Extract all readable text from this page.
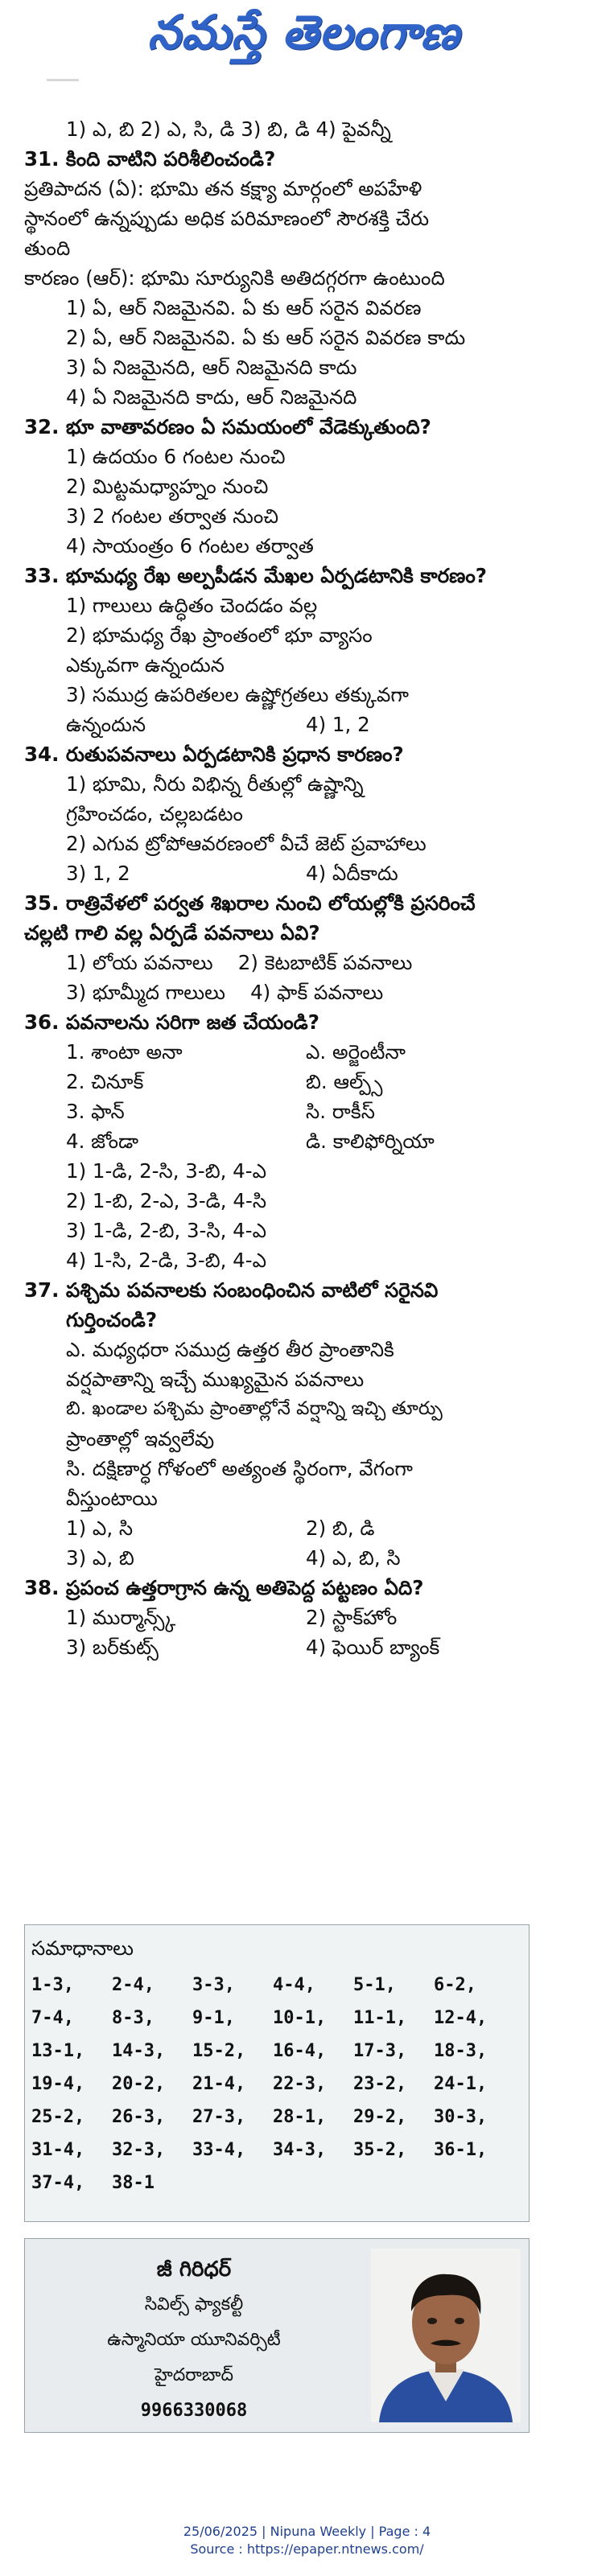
నమస్తే తెలంగాణ
1) ఎ, బి 2) ఎ, సి, డి 3) బి, డి 4) పైవన్నీ
31. కింది వాటిని పరిశీలించండి?
ప్రతిపాదన (ఏ): భూమి తన కక్ష్యా మార్గంలో అపహేళి
స్థానంలో ఉన్నప్పుడు అధిక పరిమాణంలో సౌరశక్తి చేరు
తుంది
కారణం (ఆర్): భూమి సూర్యునికి అతిదగ్గరగా ఉంటుంది
1) ఏ, ఆర్ నిజమైనవి. ఏ కు ఆర్ సరైన వివరణ
2) ఏ, ఆర్ నిజమైనవి. ఏ కు ఆర్ సరైన వివరణ కాదు
3) ఏ నిజమైనది, ఆర్ నిజమైనది కాదు
4) ఏ నిజమైనది కాదు, ఆర్ నిజమైనది
32. భూ వాతావరణం ఏ సమయంలో వేడెక్కుతుంది?
1) ఉదయం 6 గంటల నుంచి
2) మిట్టమధ్యాహ్నం నుంచి
3) 2 గంటల తర్వాత నుంచి
4) సాయంత్రం 6 గంటల తర్వాత
33. భూమధ్య రేఖ అల్పపీడన మేఖల ఏర్పడటానికి కారణం?
1) గాలులు ఉద్ధితం చెందడం వల్ల
2) భూమధ్య రేఖ ప్రాంతంలో భూ వ్యాసం
ఎక్కువగా ఉన్నందున
3) సముద్ర ఉపరితలల ఉష్ణోగ్రతలు తక్కువగా
ఉన్నందున	4) 1, 2
34. రుతుపవనాలు ఏర్పడటానికి ప్రధాన కారణం?
1) భూమి, నీరు విభిన్న రీతుల్లో ఉష్ణాన్ని
గ్రహించడం, చల్లబడటం
2) ఎగువ ట్రోపోఆవరణంలో వీచే జెట్ ప్రవాహాలు
3) 1, 2	4) ఏదీకాదు
35. రాత్రివేళలో పర్వత శిఖరాల నుంచి లోయల్లోకి ప్రసరించే
చల్లటి గాలి వల్ల ఏర్పడే పవనాలు ఏవి?
1) లోయ పవనాలు 2) కెటబాటిక్ పవనాలు
3) భూమ్మీద గాలులు 4) ఫాక్ పవనాలు
36. పవనాలను సరిగా జత చేయండి?
1. శాంటా అనా	ఎ. అర్జెంటీనా
2. చినూక్	బి. ఆల్ప్స్
3. ఫాన్	సి. రాకీస్
4. జోండా	డి. కాలిఫోర్నియా
1) 1-డి, 2-సి, 3-బి, 4-ఎ
2) 1-బి, 2-ఎ, 3-డి, 4-సి
3) 1-డి, 2-బి, 3-సి, 4-ఎ
4) 1-సి, 2-డి, 3-బి, 4-ఎ
37. పశ్చిమ పవనాలకు సంబంధించిన వాటిలో సరైనవి
గుర్తించండి?
ఎ. మధ్యధరా సముద్ర ఉత్తర తీర ప్రాంతానికి
వర్షపాతాన్ని ఇచ్చే ముఖ్యమైన పవనాలు
బి. ఖండాల పశ్చిమ ప్రాంతాల్లోనే వర్షాన్ని ఇచ్చి తూర్పు
ప్రాంతాల్లో ఇవ్వలేవు
సి. దక్షిణార్ధ గోళంలో అత్యంత స్థిరంగా, వేగంగా
వీస్తుంటాయి
1) ఎ, సి	2) బి, డి
3) ఎ, బి	4) ఎ, బి, సి
38. ప్రపంచ ఉత్తరాగ్రాన ఉన్న అతిపెద్ద పట్టణం ఏది?
1) ముర్మాన్స్క్	2) స్టాక్‌హోం
3) బర్‌కుట్స్	4) ఫెయిర్ బ్యాంక్
సమాధానాలు
1-3,	2-4,	3-3,	4-4,	5-1,	6-2,
7-4,	8-3,	9-1,	10-1,	11-1,	12-4,
13-1,	14-3,	15-2,	16-4,	17-3,	18-3,
19-4,	20-2,	21-4,	22-3,	23-2,	24-1,
25-2,	26-3,	27-3,	28-1,	29-2,	30-3,
31-4,	32-3,	33-4,	34-3,	35-2,	36-1,
37-4,	38-1
జీ గిరిధర్
సివిల్స్ ఫ్యాకల్టీ
ఉస్మానియా యూనివర్సిటీ
హైదరాబాద్
9966330068
25/06/2025 | Nipuna Weekly | Page : 4
Source : https://epaper.ntnews.com/
